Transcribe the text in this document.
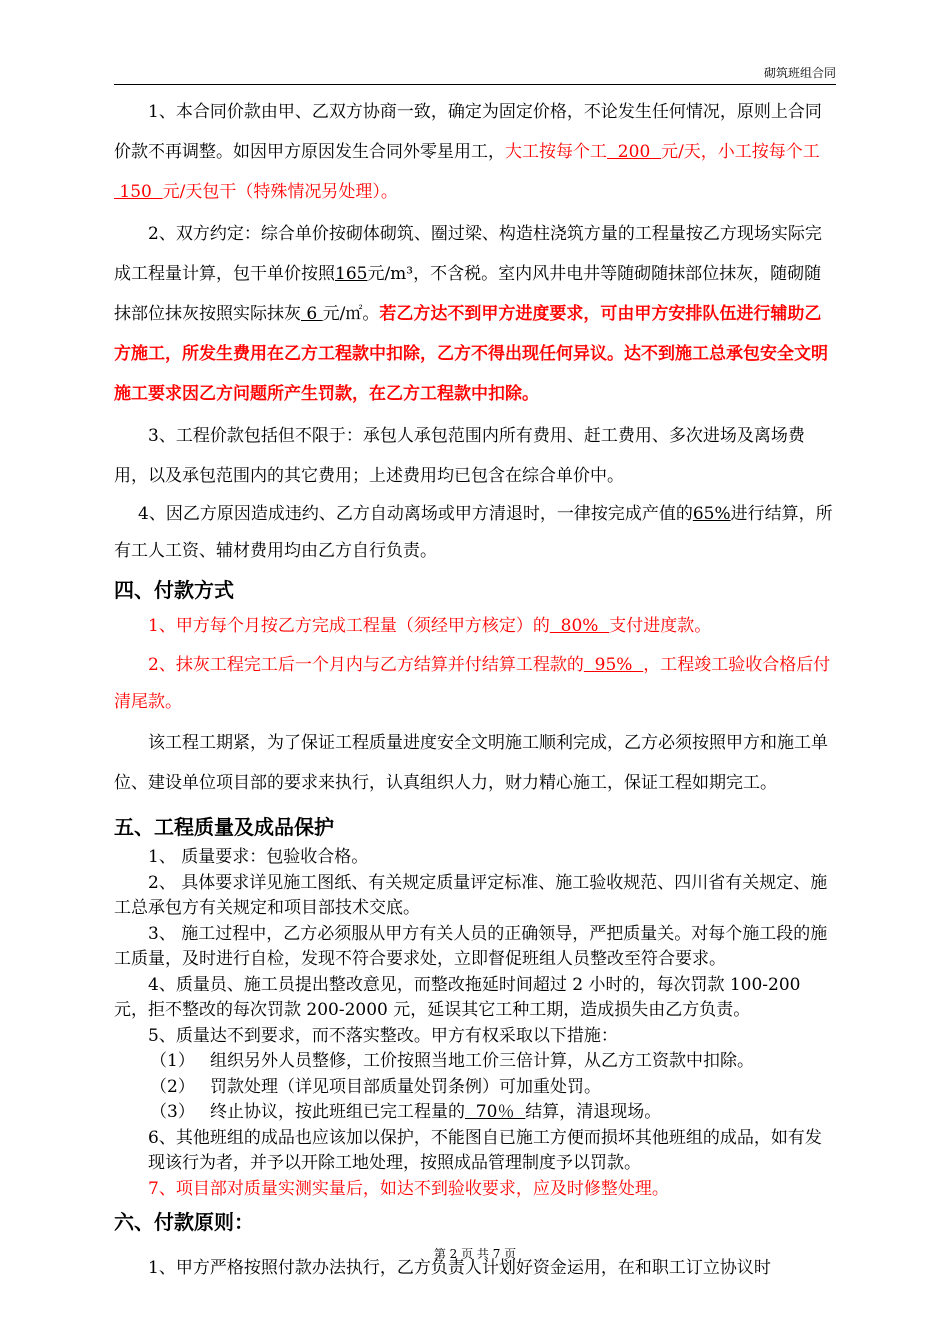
砌筑班组合同

1、本合同价款由甲、乙双方协商一致，确定为固定价格，不论发生任何情况，原则上合同价款不再调整。如因甲方原因发生合同外零星用工，大工按每个工  200  元/天，小工按每个工 150  元/天包干（特殊情况另处理）。

2、双方约定：综合单价按砌体砌筑、圈过梁、构造柱浇筑方量的工程量按乙方现场实际完成工程量计算，包干单价按照165元/m³，不含税。室内风井电井等随砌随抹部位抹灰，随砌随抹部位抹灰按照实际抹灰 6 元/㎡。若乙方达不到甲方进度要求，可由甲方安排队伍进行辅助乙方施工，所发生费用在乙方工程款中扣除，乙方不得出现任何异议。达不到施工总承包安全文明施工要求因乙方问题所产生罚款，在乙方工程款中扣除。

3、工程价款包括但不限于：承包人承包范围内所有费用、赶工费用、多次进场及离场费用，以及承包范围内的其它费用；上述费用均已包含在综合单价中。

4、因乙方原因造成违约、乙方自动离场或甲方清退时，一律按完成产值的65%进行结算，所有工人工资、辅材费用均由乙方自行负责。

四、付款方式

1、甲方每个月按乙方完成工程量（须经甲方核定）的  80%  支付进度款。

2、抹灰工程完工后一个月内与乙方结算并付结算工程款的  95%  ，工程竣工验收合格后付清尾款。

该工程工期紧，为了保证工程质量进度安全文明施工顺利完成，乙方必须按照甲方和施工单位、建设单位项目部的要求来执行，认真组织人力，财力精心施工，保证工程如期完工。

五、工程质量及成品保护

1、 质量要求：包验收合格。

2、 具体要求详见施工图纸、有关规定质量评定标准、施工验收规范、四川省有关规定、施工总承包方有关规定和项目部技术交底。

3、 施工过程中，乙方必须服从甲方有关人员的正确领导，严把质量关。对每个施工段的施工质量，及时进行自检，发现不符合要求处，立即督促班组人员整改至符合要求。

4、质量员、施工员提出整改意见，而整改拖延时间超过 2 小时的，每次罚款 100-200 元，拒不整改的每次罚款 200-2000 元，延误其它工种工期，造成损失由乙方负责。

5、质量达不到要求，而不落实整改。甲方有权采取以下措施：

（1） 组织另外人员整修，工价按照当地工价三倍计算，从乙方工资款中扣除。

（2） 罚款处理（详见项目部质量处罚条例）可加重处罚。

（3） 终止协议，按此班组已完工程量的  70％  结算，清退现场。

6、其他班组的成品也应该加以保护，不能图自已施工方便而损坏其他班组的成品，如有发现该行为者，并予以开除工地处理，按照成品管理制度予以罚款。

7、项目部对质量实测实量后，如达不到验收要求，应及时修整处理。

六、付款原则：

1、甲方严格按照付款办法执行，乙方负责人计划好资金运用，在和职工订立协议时

第 2 页 共 7 页
